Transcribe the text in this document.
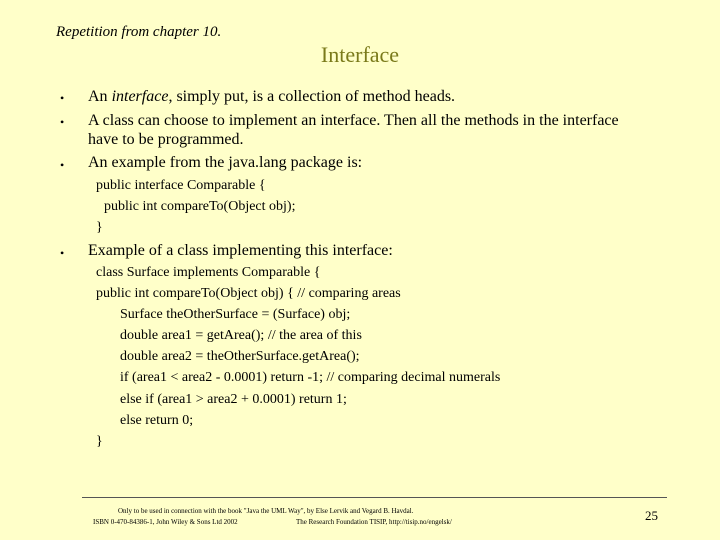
Repetition from chapter 10.
Interface
• An interface, simply put, is a collection of method heads.
• A class can choose to implement an interface. Then all the methods in the interface
have to be programmed.
• An example from the java.lang package is:
public interface Comparable {
public int compareTo(Object obj);
}
• Example of a class implementing this interface:
class Surface implements Comparable {
public int compareTo(Object obj) { // comparing areas
Surface theOtherSurface = (Surface) obj;
double area1 = getArea(); // the area of this
double area2 = theOtherSurface.getArea();
if (area1 < area2 - 0.0001) return -1; // comparing decimal numerals
else if (area1 > area2 + 0.0001) return 1;
else return 0;
}
Only to be used in connection with the book "Java the UML Way", by Else Lervik and Vegard B. Havdal.
ISBN 0-470-84386-1, John Wiley & Sons Ltd 2002	The Research Foundation TISIP, http://tisip.no/engelsk/	25
